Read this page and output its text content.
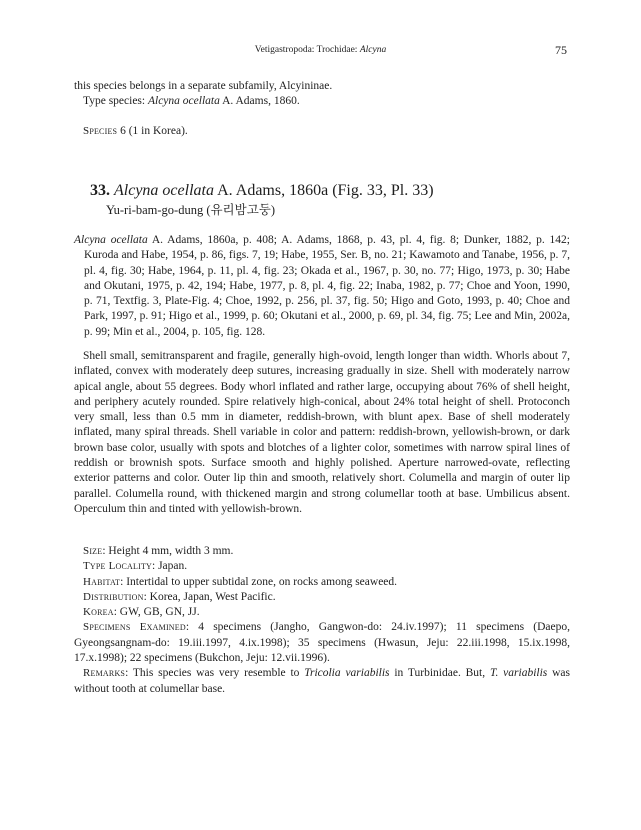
Vetigastropoda: Trochidae: Alcyna	75

this species belongs in a separate subfamily, Alcyininae.

Type species: Alcyna ocellata A. Adams, 1860.

Species 6 (1 in Korea).

33. Alcyna ocellata A. Adams, 1860a (Fig. 33, Pl. 33)
Yu-ri-bam-go-dung (유리밤고둥)

Alcyna ocellata A. Adams, 1860a, p. 408; A. Adams, 1868, p. 43, pl. 4, fig. 8; Dunker, 1882, p. 142; Kuroda and Habe, 1954, p. 86, figs. 7, 19; Habe, 1955, Ser. B, no. 21; Kawamoto and Tanabe, 1956, p. 7, pl. 4, fig. 30; Habe, 1964, p. 11, pl. 4, fig. 23; Okada et al., 1967, p. 30, no. 77; Higo, 1973, p. 30; Habe and Okutani, 1975, p. 42, 194; Habe, 1977, p. 8, pl. 4, fig. 22; Inaba, 1982, p. 77; Choe and Yoon, 1990, p. 71, Textfig. 3, Plate-Fig. 4; Choe, 1992, p. 256, pl. 37, fig. 50; Higo and Goto, 1993, p. 40; Choe and Park, 1997, p. 91; Higo et al., 1999, p. 60; Okutani et al., 2000, p. 69, pl. 34, fig. 75; Lee and Min, 2002a, p. 99; Min et al., 2004, p. 105, fig. 128.

Shell small, semitransparent and fragile, generally high-ovoid, length longer than width. Whorls about 7, inflated, convex with moderately deep sutures, increasing gradually in size. Shell with moderately narrow apical angle, about 55 degrees. Body whorl inflated and rather large, occupying about 76% of shell height, and periphery acutely rounded. Spire relatively high-conical, about 24% total height of shell. Protoconch very small, less than 0.5 mm in diameter, reddish-brown, with blunt apex. Base of shell moderately inflated, many spiral threads. Shell variable in color and pattern: reddish-brown, yellowish-brown, or dark brown base color, usually with spots and blotches of a lighter color, sometimes with narrow spiral lines of reddish or brownish spots. Surface smooth and highly polished. Aperture narrowed-ovate, reflecting exterior patterns and color. Outer lip thin and smooth, relatively short. Columella and margin of outer lip parallel. Columella round, with thickened margin and strong columellar tooth at base. Umbilicus absent. Operculum thin and tinted with yellowish-brown.

Size: Height 4 mm, width 3 mm.

Type Locality: Japan.

Habitat: Intertidal to upper subtidal zone, on rocks among seaweed.

Distribution: Korea, Japan, West Pacific.

Korea: GW, GB, GN, JJ.

Specimens Examined: 4 specimens (Jangho, Gangwon-do: 24.iv.1997); 11 specimens (Daepo, Gyeongsangnam-do: 19.iii.1997, 4.ix.1998); 35 specimens (Hwasun, Jeju: 22.iii.1998, 15.ix.1998, 17.x.1998); 22 specimens (Bukchon, Jeju: 12.vii.1996).

Remarks: This species was very resemble to Tricolia variabilis in Turbinidae. But, T. variabilis was without tooth at columellar base.
